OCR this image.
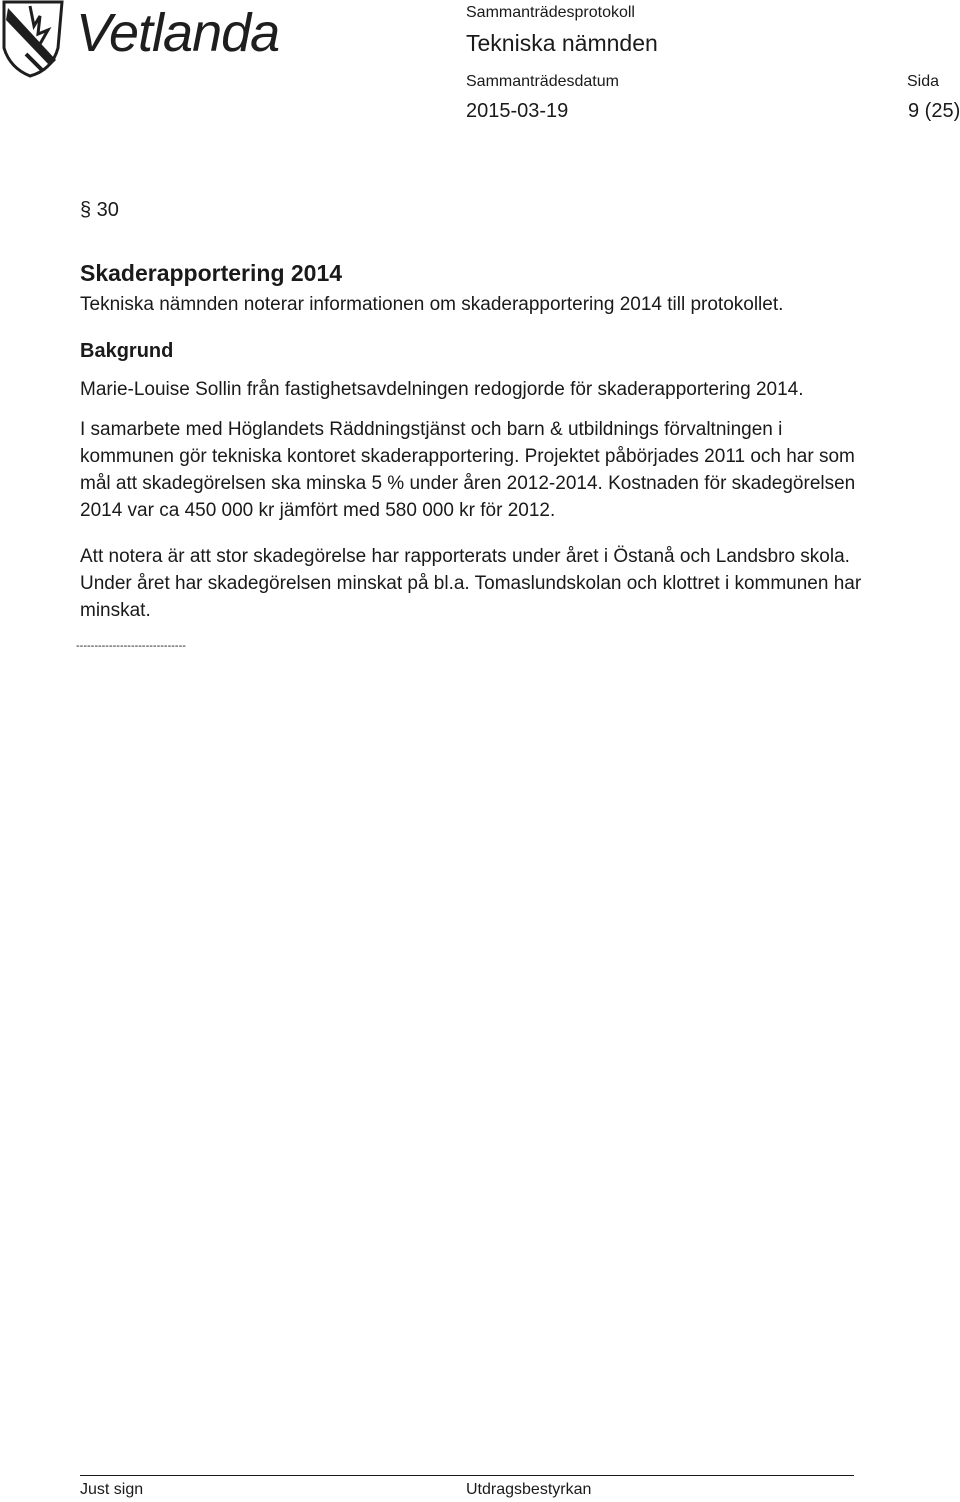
Vetlanda	Sammanträdesprotokoll
Tekniska nämnden
Sammanträdesdatum	Sida
2015-03-19	9 (25)
§ 30
Skaderapportering 2014
Tekniska nämnden noterar informationen om skaderapportering 2014 till protokollet.
Bakgrund

Marie-Louise Sollin från fastighetsavdelningen redogjorde för skaderapportering 2014.

I samarbete med Höglandets Räddningstjänst och barn & utbildnings förvaltningen i kommunen gör tekniska kontoret skaderapportering. Projektet påbörjades 2011 och har som mål att skadegörelsen ska minska 5 % under åren 2012-2014. Kostnaden för skadegörelsen 2014 var ca 450 000 kr jämfört med 580 000 kr för 2012.

Att notera är att stor skadegörelse har rapporterats under året i Östanå och Landsbro skola. Under året har skadegörelsen minskat på bl.a. Tomaslundskolan och klottret i kommunen har minskat.

------------------------------
Just sign	Utdragsbestyrkan
